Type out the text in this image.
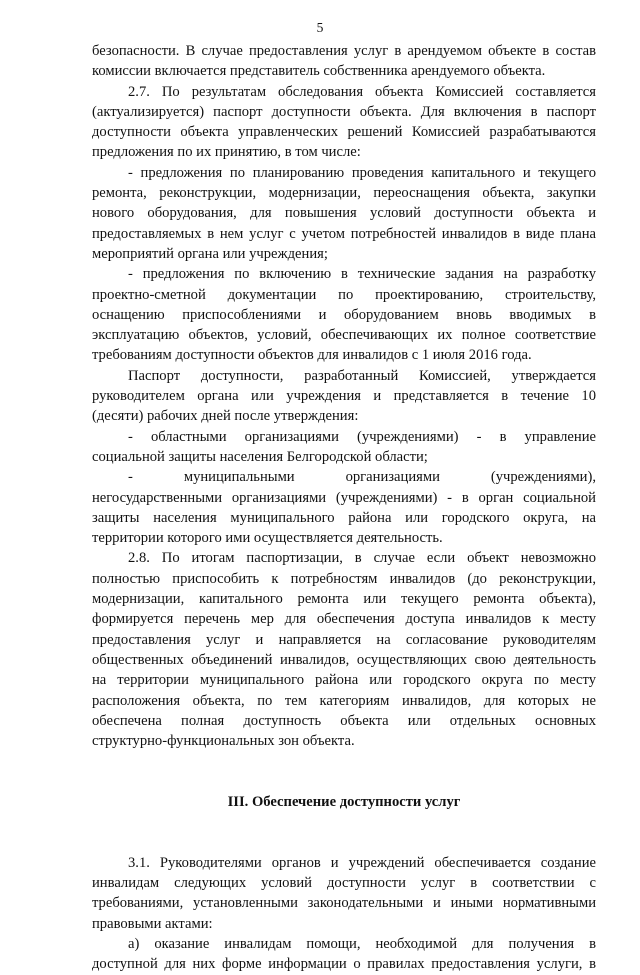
5
безопасности. В случае предоставления услуг в арендуемом объекте в состав
комиссии включается представитель собственника арендуемого объекта.
2.7. По результатам обследования объекта Комиссией составляется
(актуализируется) паспорт доступности объекта. Для включения в паспорт
доступности объекта управленческих решений Комиссией разрабатываются
предложения по их принятию, в том числе:
- предложения по планированию проведения капитального и текущего
ремонта, реконструкции, модернизации, переоснащения объекта, закупки
нового оборудования, для повышения условий доступности объекта и
предоставляемых в нем услуг с учетом потребностей инвалидов в виде плана
мероприятий органа или учреждения;
- предложения по включению в технические задания на разработку
проектно-сметной документации по проектированию, строительству,
оснащению приспособлениями и оборудованием вновь вводимых в
эксплуатацию объектов, условий, обеспечивающих их полное соответствие
требованиям доступности объектов для инвалидов с 1 июля 2016 года.
Паспорт доступности, разработанный Комиссией, утверждается
руководителем органа или учреждения и представляется в течение 10
(десяти) рабочих дней после утверждения:
- областными организациями (учреждениями) - в управление
социальной защиты населения Белгородской области;
- муниципальными организациями (учреждениями),
негосударственными организациями (учреждениями) - в орган социальной
защиты населения муниципального района или городского округа, на
территории которого ими осуществляется деятельность.
2.8. По итогам паспортизации, в случае если объект невозможно
полностью приспособить к потребностям инвалидов (до реконструкции,
модернизации, капитального ремонта или текущего ремонта объекта),
формируется перечень мер для обеспечения доступа инвалидов к месту
предоставления услуг и направляется на согласование руководителям
общественных объединений инвалидов, осуществляющих свою деятельность
на территории муниципального района или городского округа по месту
расположения объекта, по тем категориям инвалидов, для которых не
обеспечена полная доступность объекта или отдельных основных
структурно-функциональных зон объекта.
III. Обеспечение доступности услуг
3.1. Руководителями органов и учреждений обеспечивается создание
инвалидам следующих условий доступности услуг в соответствии с
требованиями, установленными законодательными и иными нормативными
правовыми актами:
а) оказание инвалидам помощи, необходимой для получения в
доступной для них форме информации о правилах предоставления услуги, в
